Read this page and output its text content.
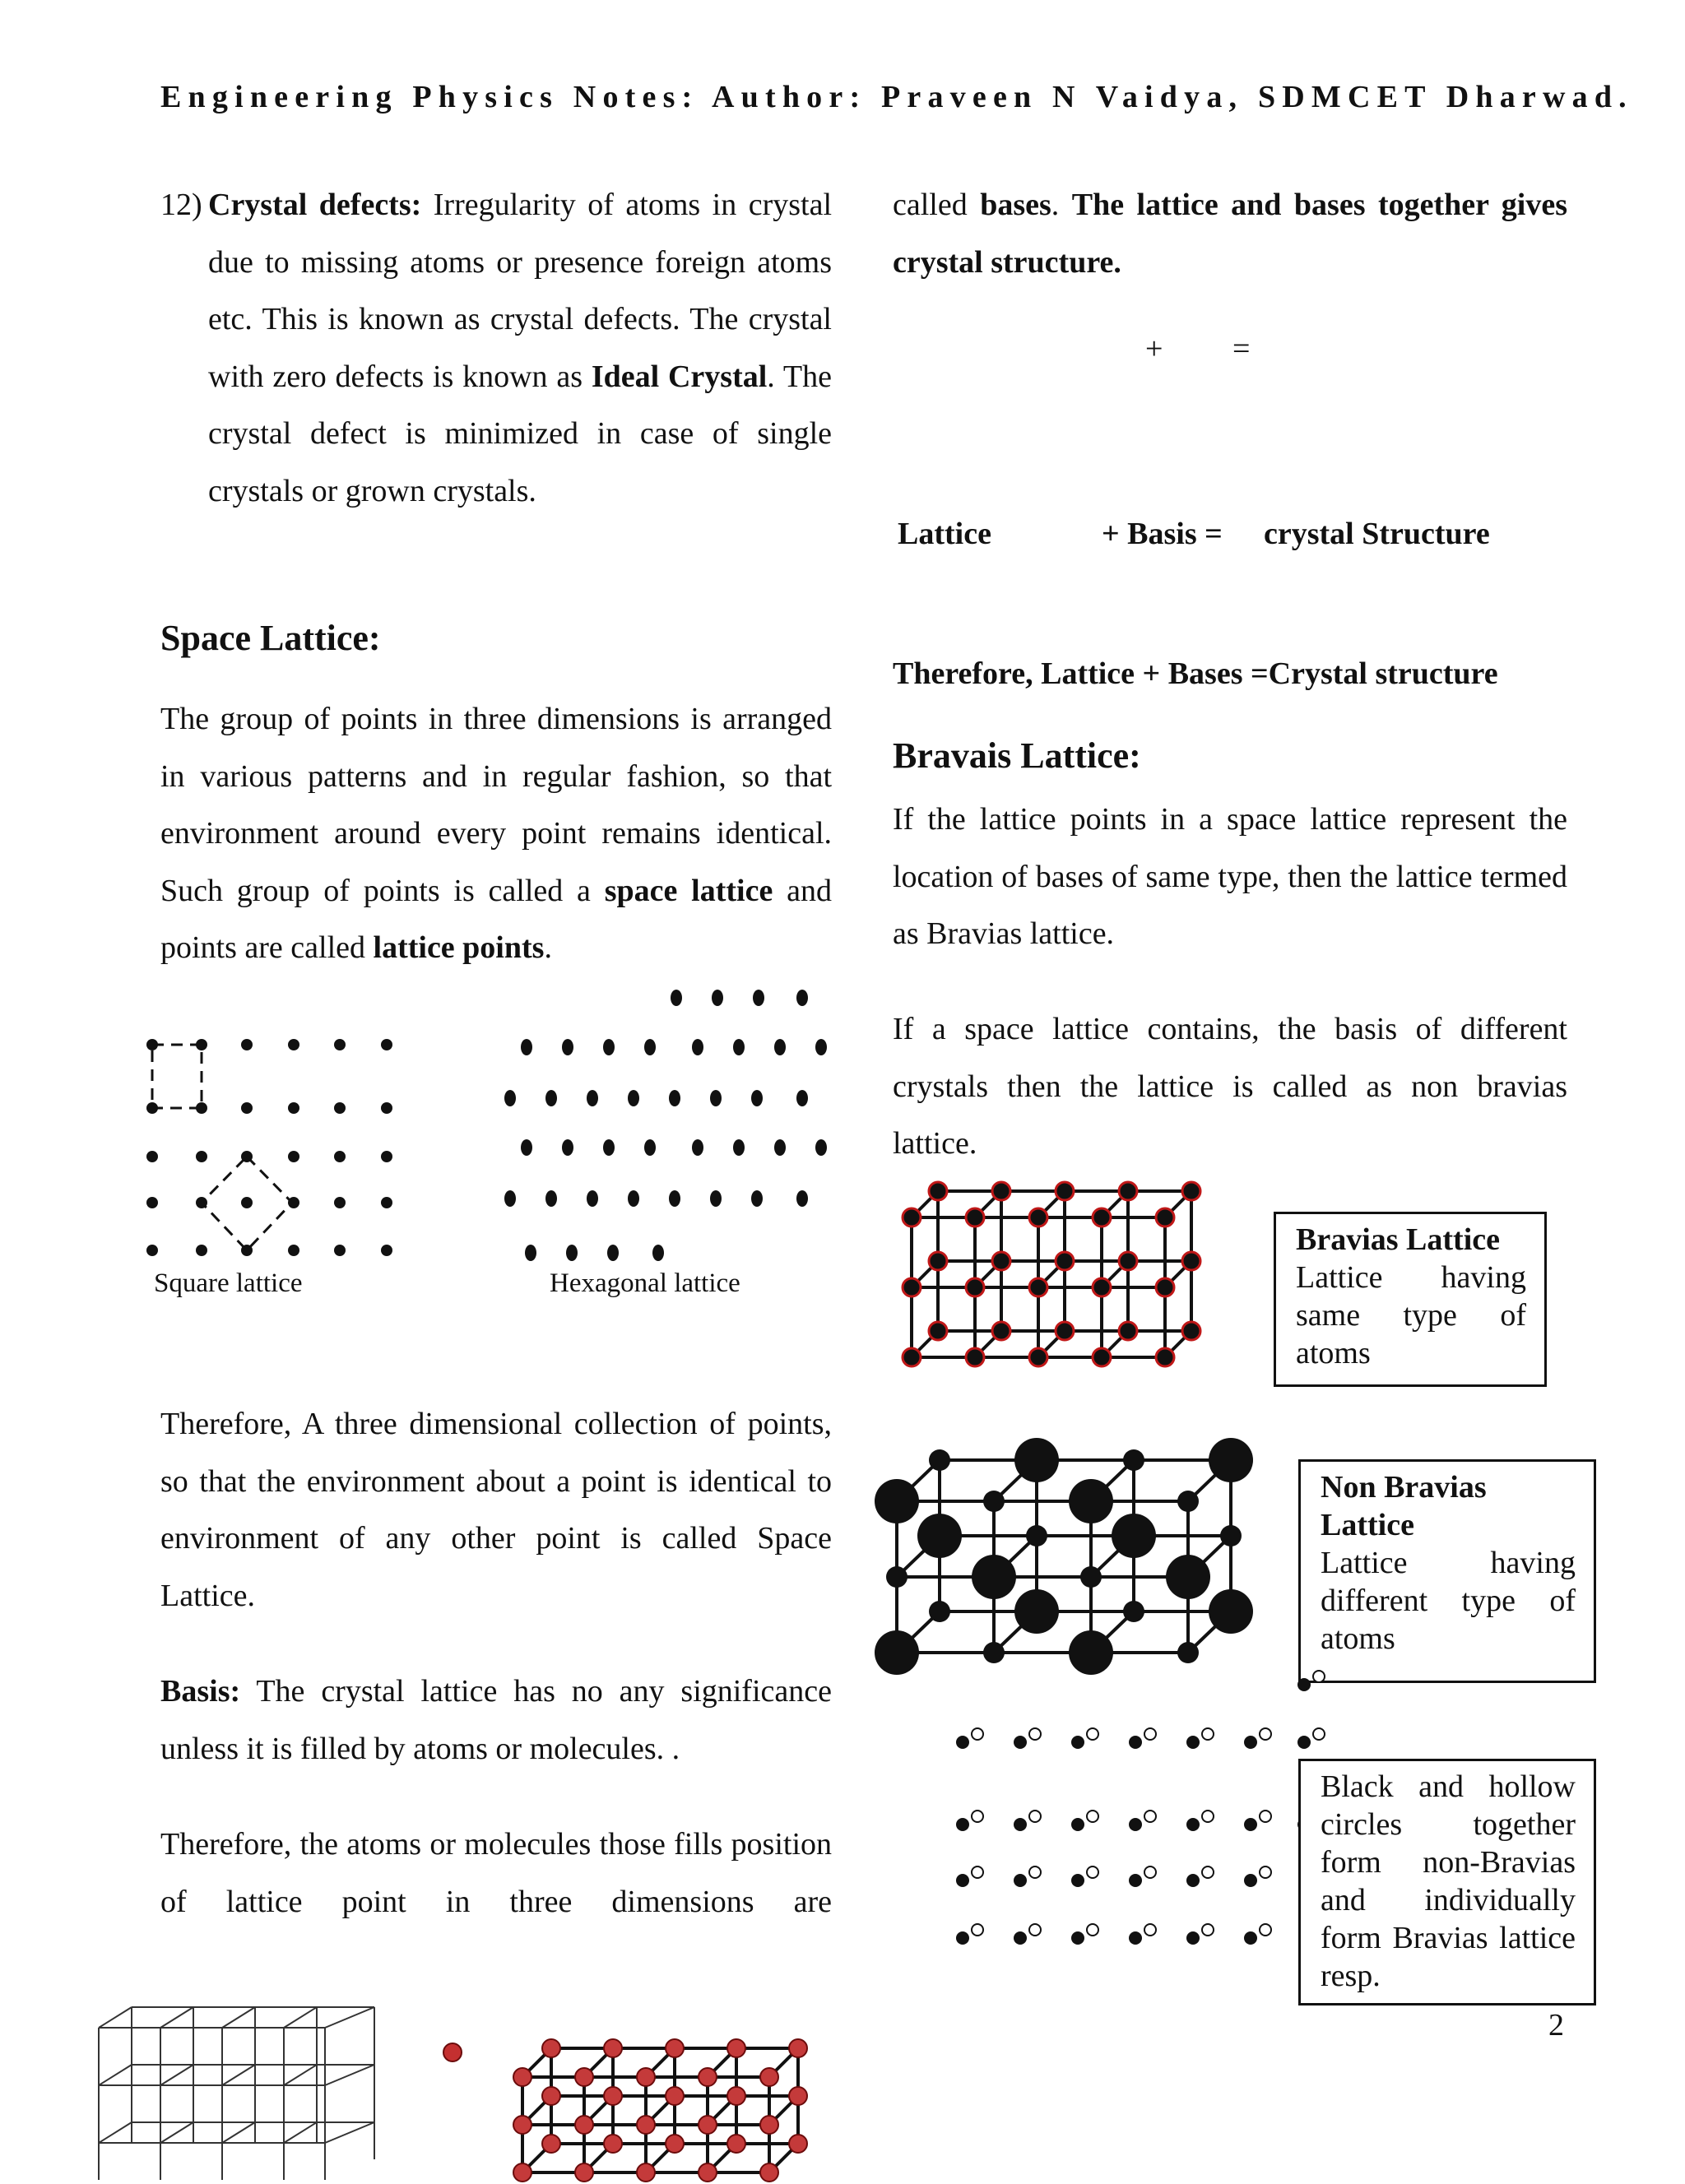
Engineering Physics Notes: Author: Praveen N Vaidya, SDMCET Dharwad.
12) Crystal defects: Irregularity of atoms in crystal due to missing atoms or presence foreign atoms etc. This is known as crystal defects. The crystal with zero defects is known as Ideal Crystal. The crystal defect is minimized in case of single crystals or grown crystals.
Space Lattice:
The group of points in three dimensions is arranged in various patterns and in regular fashion, so that environment around every point remains identical. Such group of points is called a space lattice and points are called lattice points.
Square lattice	Hexagonal lattice
Therefore, A three dimensional collection of points, so that the environment about a point is identical to environment of any other point is called Space Lattice.
Basis: The crystal lattice has no any significance unless it is filled by atoms or molecules. .
Therefore, the atoms or molecules those fills position of lattice point in three dimensions are
called bases. The lattice and bases together gives crystal structure.
+ =
Lattice	+ Basis = crystal Structure
Therefore, Lattice + Bases =Crystal structure
Bravais Lattice:
If the lattice points in a space lattice represent the location of bases of same type, then the lattice termed as Bravias lattice.
If a space lattice contains, the basis of different crystals then the lattice is called as non bravias lattice.
Bravias Lattice
Lattice having same type of atoms
Non Bravias Lattice
Lattice having different type of atoms
Black and hollow circles together form non-Bravias and individually form Bravias lattice resp.
2
